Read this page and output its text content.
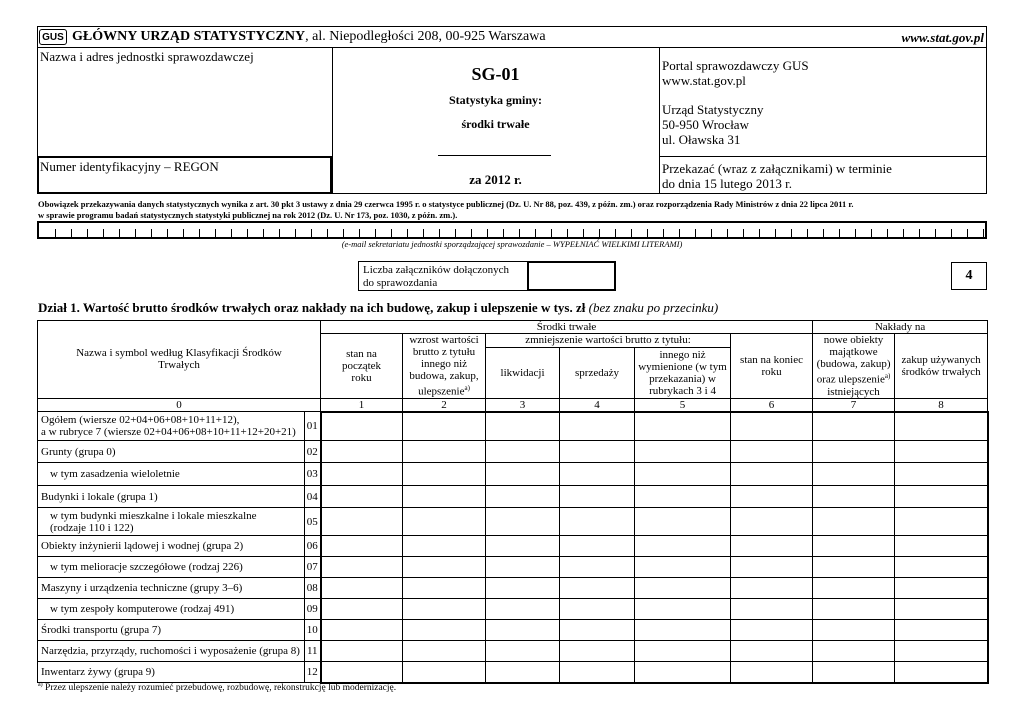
GUS GŁÓWNY URZĄD STATYSTYCZNY, al. Niepodległości 208, 00-925 Warszawa	www.stat.gov.pl
Nazwa i adres jednostki sprawozdawczej
Numer identyfikacyjny – REGON
SG-01
Statystyka gminy:
środki trwałe
za 2012 r.
Portal sprawozdawczy GUS
www.stat.gov.pl
Urząd Statystyczny
50-950 Wrocław
ul. Oławska 31
Przekazać (wraz z załącznikami) w terminie
do dnia 15 lutego 2013 r.
Obowiązek przekazywania danych statystycznych wynika z art. 30 pkt 3 ustawy z dnia 29 czerwca 1995 r. o statystyce publicznej (Dz. U. Nr 88, poz. 439, z późn. zm.) oraz rozporządzenia Rady Ministrów z dnia 22 lipca 2011 r.
w sprawie programu badań statystycznych statystyki publicznej na rok 2012 (Dz. U. Nr 173, poz. 1030, z późn. zm.).
(e-mail sekretariatu jednostki sporządzającej sprawozdanie – WYPEŁNIAĆ WIELKIMI LITERAMI)
Liczba załączników dołączonych
do sprawozdania	4
Dział 1. Wartość brutto środków trwałych oraz nakłady na ich budowę, zakup i ulepszenie w tys. zł (bez znaku po przecinku)
Nazwa i symbol według Klasyfikacji Środków Trwałych		Środki trwałe						Nakłady na	
		stan na początek roku	wzrost wartości brutto z tytułu innego niż budowa, zakup, ulepszenie$^{a)}$	zmniejszenie wartości brutto z tytułu:			stan na koniec roku	nowe obiekty majątkowe (budowa, zakup) oraz ulepszenie$^{a)}$ istniejących	zakup używanych środków trwałych
				likwidacji	sprzedaży	innego niż wymienione (w tym przekazania) w rubrykach 3 i 4			
0		1	2	3	4	5	6	7	8

Ogółem (wiersze 02+04+06+08+10+11+12),
a w rubryce 7 (wiersze 02+04+06+08+10+11+12+20+21)	01								

Grunty (grupa 0)	02								

w tym zasadzenia wieloletnie	03								

Budynki i lokale (grupa 1)	04								

w tym budynki mieszkalne i lokale mieszkalne
(rodzaje 110 i 122)	05								

Obiekty inżynierii lądowej i wodnej (grupa 2)	06								

w tym melioracje szczegółowe (rodzaj 226)	07								

Maszyny i urządzenia techniczne (grupy 3–6)	08								

w tym zespoły komputerowe (rodzaj 491)	09								

Środki transportu (grupa 7)	10								

Narzędzia, przyrządy, ruchomości i wyposażenie (grupa 8)	11								

Inwentarz żywy (grupa 9)	12								
$^{a)}$ Przez ulepszenie należy rozumieć przebudowę, rozbudowę, rekonstrukcję lub modernizację.
